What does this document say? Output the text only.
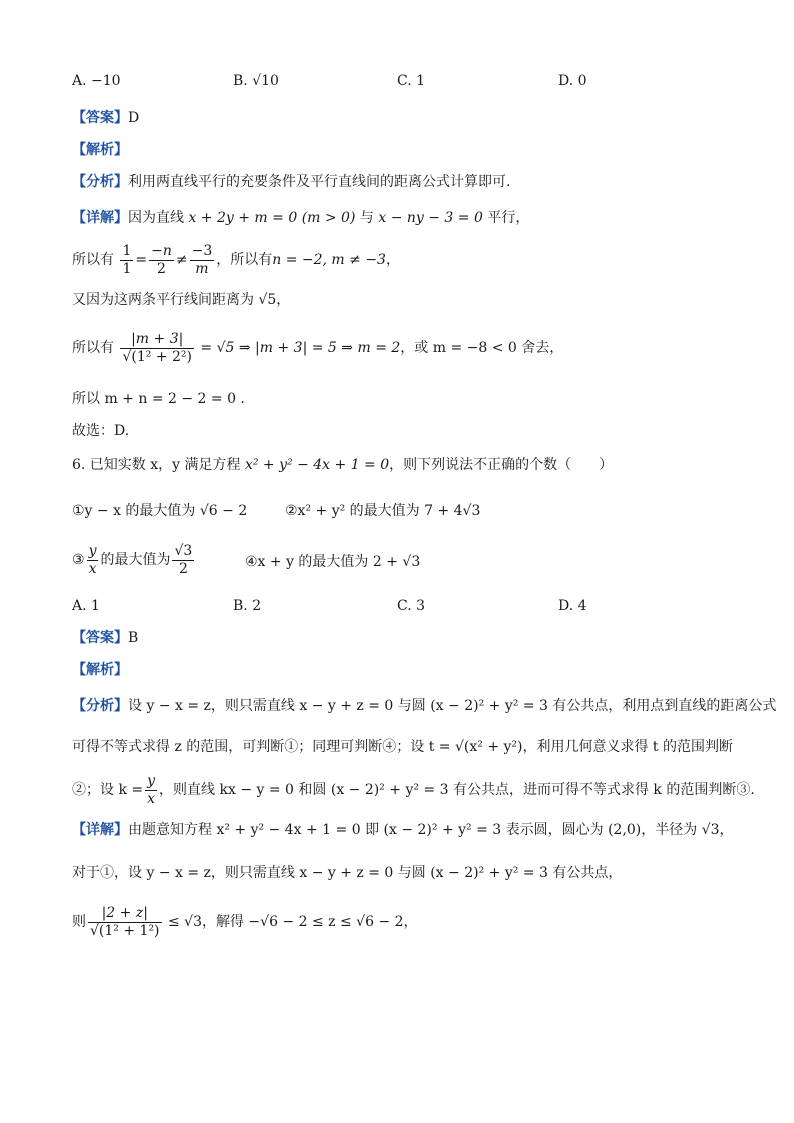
A. −10	B. √10	C. 1	D. 0
【答案】D
【解析】
【分析】利用两直线平行的充要条件及平行直线间的距离公式计算即可.
【详解】因为直线 x + 2y + m = 0 (m > 0) 与 x − ny − 3 = 0 平行，
所以有 $\frac{1}{1} = \frac{-n}{2} \ne \frac{-3}{m}$ ，所以有n = −2, m ≠ −3，
又因为这两条平行线间距离为 √5，
所以有 $\frac{|m + 3|}{\text{√(1² + 2²)}} = √5$ ⇒ |m + 3| = 5 ⇒ m = 2，或 m = −8 < 0 舍去，
所以 m + n = 2 − 2 = 0 .
故选：D.
6. 已知实数 x，y 满足方程 x² + y² − 4x + 1 = 0，则下列说法不正确的个数（　　）
①y − x 的最大值为 √6 − 2	②x² + y² 的最大值为 7 + 4√3
③ $\frac{y}{x}$ 的最大值为 $\frac{√3}{2}$	④x + y 的最大值为 2 + √3
A. 1	B. 2	C. 3	D. 4
【答案】B
【解析】
【分析】设 y − x = z，则只需直线 x − y + z = 0 与圆 (x − 2)² + y² = 3 有公共点，利用点到直线的距离公式
可得不等式求得 z 的范围，可判断①；同理可判断④；设 t = √(x² + y²)，利用几何意义求得 t 的范围判断
②；设 $k = \frac{y}{x}$ ，则直线 kx − y = 0 和圆 (x − 2)² + y² = 3 有公共点，进而可得不等式求得 k 的范围判断③.
【详解】由题意知方程 x² + y² − 4x + 1 = 0 即 (x − 2)² + y² = 3 表示圆，圆心为 (2,0)，半径为 √3，
对于①，设 y − x = z，则只需直线 x − y + z = 0 与圆 (x − 2)² + y² = 3 有公共点，
则 $\frac{|2 + z|}{\text{√(1² + 1²)}} \le √3$，解得 −√6 − 2 ≤ z ≤ √6 − 2，
